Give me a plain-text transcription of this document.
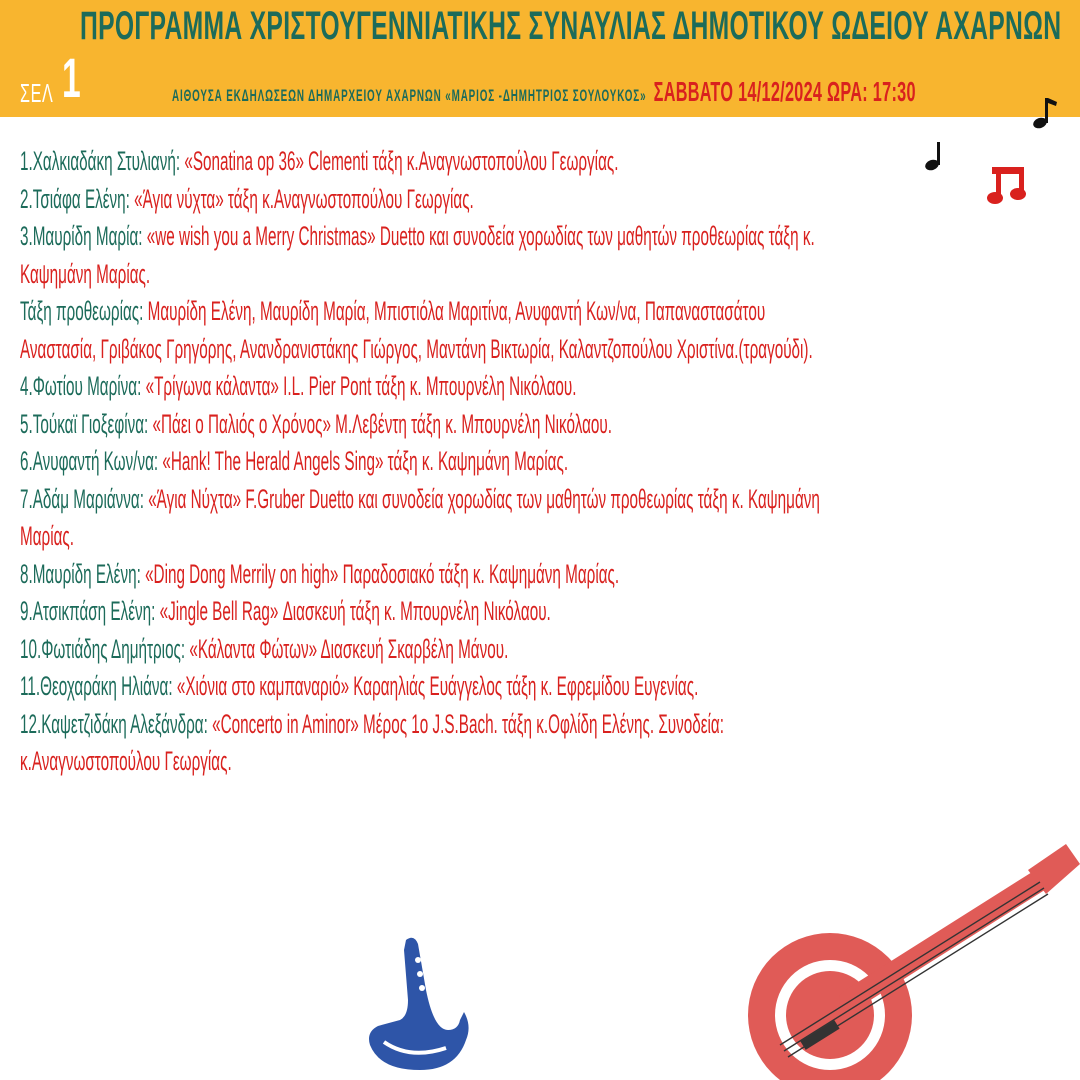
ΣΕΛ 1
ΠΡΟΓΡΑΜΜΑ ΧΡΙΣΤΟΥΓΕΝΝΙΑΤΙΚΗΣ ΣΥΝΑΥΛΙΑΣ ΔΗΜΟΤΙΚΟΥ ΩΔΕΙΟΥ ΑΧΑΡΝΩΝ
ΑΙΘΟΥΣΑ ΕΚΔΗΛΩΣΕΩΝ ΔΗΜΑΡΧΕΙΟΥ ΑΧΑΡΝΩΝ «ΜΑΡΙΟΣ -ΔΗΜΗΤΡΙΟΣ ΣΟΥΛΟΥΚΟΣ» ΣΑΒΒΑΤΟ 14/12/2024 ΩΡΑ: 17:30
1.Χαλκιαδάκη Στυλιανή: «Sonatina op 36» Clementi τάξη κ.Αναγνωστοπούλου Γεωργίας.
2.Τσιάφα Ελένη: «Άγια νύχτα» τάξη κ.Αναγνωστοπούλου Γεωργίας.
3.Μαυρίδη Μαρία: «we wish you a Merry Christmas» Duetto και συνοδεία χορωδίας των μαθητών προθεωρίας τάξη κ.
Καψημάνη Μαρίας.
Τάξη προθεωρίας: Μαυρίδη Ελένη, Μαυρίδη Μαρία, Μπιστιόλα Μαριτίνα, Ανυφαντή Κων/να, Παπαναστασάτου
Αναστασία, Γριβάκος Γρηγόρης, Ανανδρανιστάκης Γιώργος, Μαντάνη Βικτωρία, Καλαντζοπούλου Χριστίνα.(τραγούδι).
4.Φωτίου Μαρίνα: «Τρίγωνα κάλαντα» I.L. Pier Pont τάξη κ. Μπουρνέλη Νικόλαου.
5.Τούκαϊ Γιοξεφίνα: «Πάει ο Παλιός ο Χρόνος» Μ.Λεβέντη τάξη κ. Μπουρνέλη Νικόλαου.
6.Ανυφαντή Κων/να: «Hank! The Herald Angels Sing» τάξη κ. Καψημάνη Μαρίας.
7.Αδάμ Μαριάννα: «Άγια Νύχτα» F.Gruber Duetto και συνοδεία χορωδίας των μαθητών προθεωρίας τάξη κ. Καψημάνη
Μαρίας.
8.Μαυρίδη Ελένη: «Ding Dong Merrily on high» Παραδοσιακό τάξη κ. Καψημάνη Μαρίας.
9.Ατσικπάση Ελένη: «Jingle Bell Rag» Διασκευή τάξη κ. Μπουρνέλη Νικόλαου.
10.Φωτιάδης Δημήτριος: «Κάλαντα Φώτων» Διασκευή Σκαρβέλη Μάνου.
11.Θεοχαράκη Ηλιάνα: «Χιόνια στο καμπαναριό» Καραηλιάς Ευάγγελος τάξη κ. Εφρεμίδου Ευγενίας.
12.Καψετζιδάκη Αλεξάνδρα: «Concerto in Aminor» Μέρος 1ο J.S.Bach. τάξη κ.Οφλίδη Ελένης. Συνοδεία:
κ.Αναγνωστοπούλου Γεωργίας.
